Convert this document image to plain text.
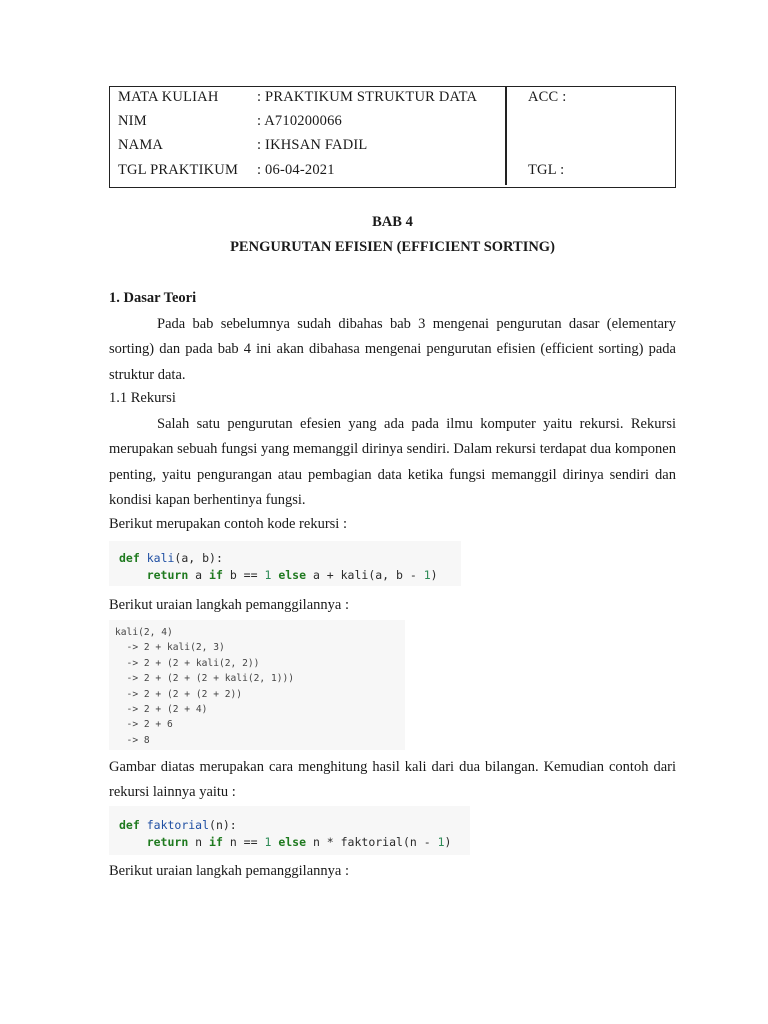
MATA KULIAH	: PRAKTIKUM STRUKTUR DATA	ACC :
NIM	: A710200066
NAMA	: IKHSAN FADIL
TGL PRAKTIKUM : 06-04-2021	TGL :
BAB 4
PENGURUTAN EFISIEN (EFFICIENT SORTING)
1. Dasar Teori
Pada bab sebelumnya sudah dibahas bab 3 mengenai pengurutan dasar (elementary sorting) dan pada bab 4 ini akan dibahasa mengenai pengurutan efisien (efficient sorting) pada struktur data.
1.1 Rekursi
Salah satu pengurutan efesien yang ada pada ilmu komputer yaitu rekursi. Rekursi merupakan sebuah fungsi yang memanggil dirinya sendiri. Dalam rekursi terdapat dua komponen penting, yaitu pengurangan atau pembagian data ketika fungsi memanggil dirinya sendiri dan kondisi kapan berhentinya fungsi.
Berikut merupakan contoh kode rekursi :
def kali(a, b):
return a if b == 1 else a + kali(a, b - 1)
Berikut uraian langkah pemanggilannya :
kali(2, 4)
-> 2 + kali(2, 3)
-> 2 + (2 + kali(2, 2))
-> 2 + (2 + (2 + kali(2, 1)))
-> 2 + (2 + (2 + 2))
-> 2 + (2 + 4)
-> 2 + 6
-> 8
Gambar diatas merupakan cara menghitung hasil kali dari dua bilangan. Kemudian contoh dari rekursi lainnya yaitu :
def faktorial(n):
return n if n == 1 else n * faktorial(n - 1)
Berikut uraian langkah pemanggilannya :
